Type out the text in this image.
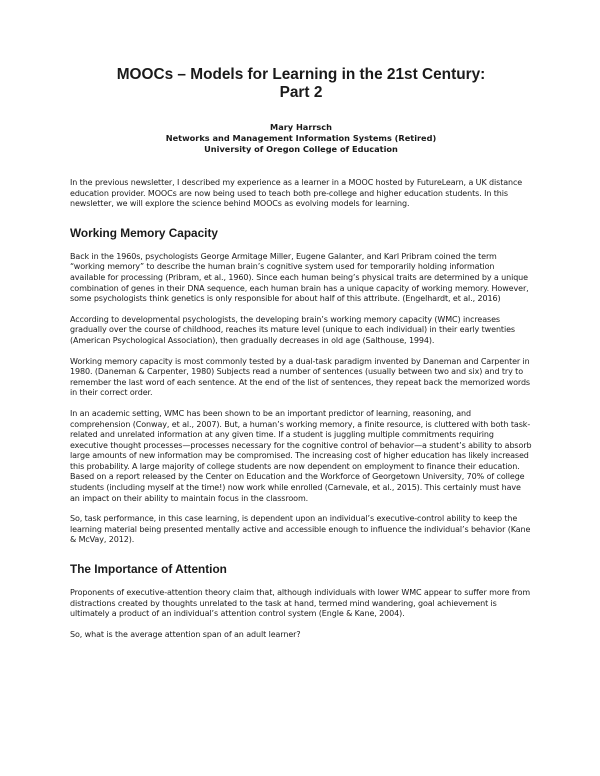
MOOCs – Models for Learning in the 21st Century:
Part 2
Mary Harrsch
Networks and Management Information Systems (Retired)
University of Oregon College of Education

In the previous newsletter, I described my experience as a learner in a MOOC hosted by FutureLearn, a UK distance education provider. MOOCs are now being used to teach both pre-college and higher education students. In this newsletter, we will explore the science behind MOOCs as evolving models for learning.

Working Memory Capacity

Back in the 1960s, psychologists George Armitage Miller, Eugene Galanter, and Karl Pribram coined the term “working memory” to describe the human brain’s cognitive system used for temporarily holding information available for processing (Pribram, et al., 1960). Since each human being’s physical traits are determined by a unique combination of genes in their DNA sequence, each human brain has a unique capacity of working memory. However, some psychologists think genetics is only responsible for about half of this attribute. (Engelhardt, et al., 2016)

According to developmental psychologists, the developing brain’s working memory capacity (WMC) increases gradually over the course of childhood, reaches its mature level (unique to each individual) in their early twenties (American Psychological Association), then gradually decreases in old age (Salthouse, 1994).

Working memory capacity is most commonly tested by a dual-task paradigm invented by Daneman and Carpenter in 1980. (Daneman & Carpenter, 1980) Subjects read a number of sentences (usually between two and six) and try to remember the last word of each sentence. At the end of the list of sentences, they repeat back the memorized words in their correct order.

In an academic setting, WMC has been shown to be an important predictor of learning, reasoning, and comprehension (Conway, et al., 2007). But, a human’s working memory, a finite resource, is cluttered with both task-related and unrelated information at any given time. If a student is juggling multiple commitments requiring executive thought processes—processes necessary for the cognitive control of behavior—a student’s ability to absorb large amounts of new information may be compromised. The increasing cost of higher education has likely increased this probability. A large majority of college students are now dependent on employment to finance their education. Based on a report released by the Center on Education and the Workforce of Georgetown University, 70% of college students (including myself at the time!) now work while enrolled (Carnevale, et al., 2015). This certainly must have an impact on their ability to maintain focus in the classroom.

So, task performance, in this case learning, is dependent upon an individual’s executive-control ability to keep the learning material being presented mentally active and accessible enough to influence the individual’s behavior (Kane & McVay, 2012).

The Importance of Attention

Proponents of executive-attention theory claim that, although individuals with lower WMC appear to suffer more from distractions created by thoughts unrelated to the task at hand, termed mind wandering, goal achievement is ultimately a product of an individual’s attention control system (Engle & Kane, 2004).

So, what is the average attention span of an adult learner?
